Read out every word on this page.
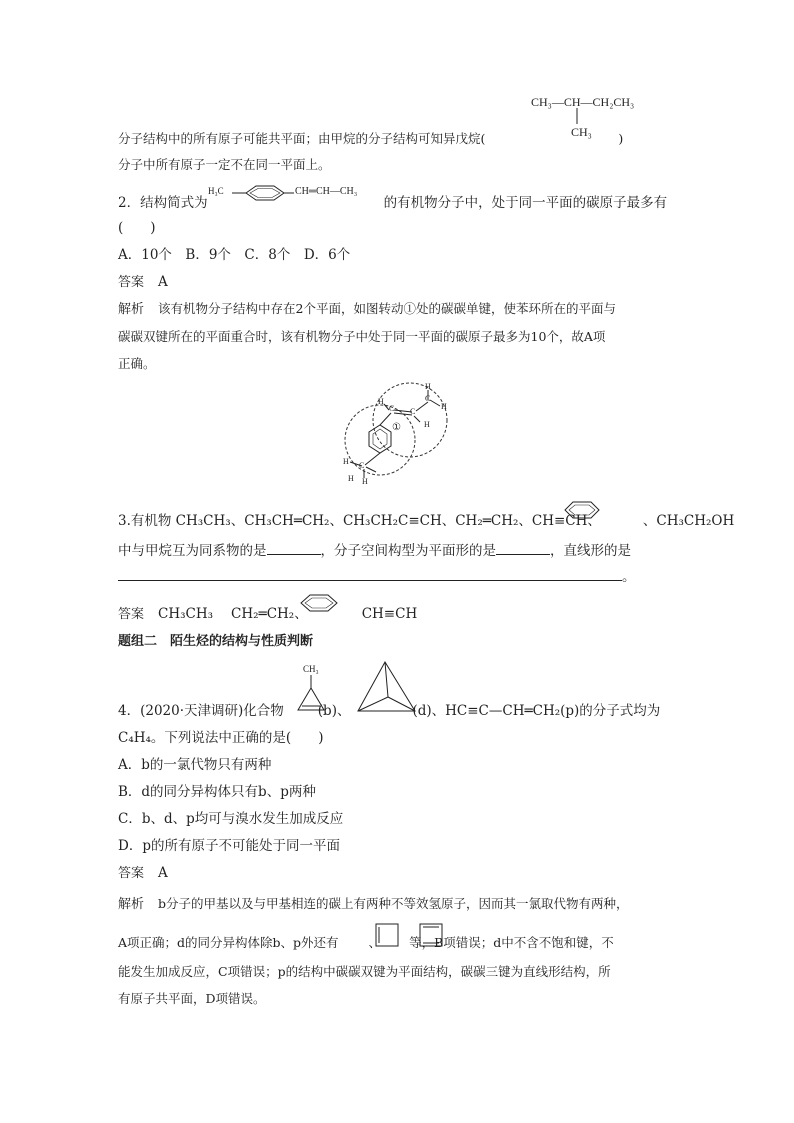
CH₃—CH—CH₂CH₃
CH₃
分子结构中的所有原子可能共平面；由甲烷的分子结构可知异戊烷(	)
分子中所有原子一定不在同一平面上。
2．结构简式为	的有机物分子中，处于同一平面的碳原子最多有
H₃C	CH═CH—CH₃
(　　)
A．10个　B．9个　C．8个　D．6个
答案 A
解析 该有机物分子结构中存在2个平面，如图转动①处的碳碳单键，使苯环所在的平面与
碳碳双键所在的平面重合时，该有机物分子中处于同一平面的碳原子最多为10个，故A项
正确。
C C
C
C
H
H
H
H
H
H H
①
3.有机物 CH₃CH₃、CH₃CH═CH₂、CH₃CH₂C≡CH、CH₂═CH₂、CH≡CH、	、CH₃CH₂OH
中与甲烷互为同系物的是	，分子空间构型为平面形的是	，直线形的是
。
答案 CH₃CH₃ CH₂═CH₂、	CH≡CH
题组二　陌生烃的结构与性质判断
CH₃
4．(2020·天津调研)化合物	(b)、	(d)、HC≡C—CH═CH₂(p)的分子式均为
C₄H₄。下列说法中正确的是(　　)
A．b的一氯代物只有两种
B．d的同分异构体只有b、p两种
C．b、d、p均可与溴水发生加成反应
D．p的所有原子不可能处于同一平面
答案 A
解析 b分子的甲基以及与甲基相连的碳上有两种不等效氢原子，因而其一氯取代物有两种，
A项正确；d的同分异构体除b、p外还有 、 等，B项错误；d中不含不饱和键，不
能发生加成反应，C项错误；p的结构中碳碳双键为平面结构，碳碳三键为直线形结构，所
有原子共平面，D项错误。
